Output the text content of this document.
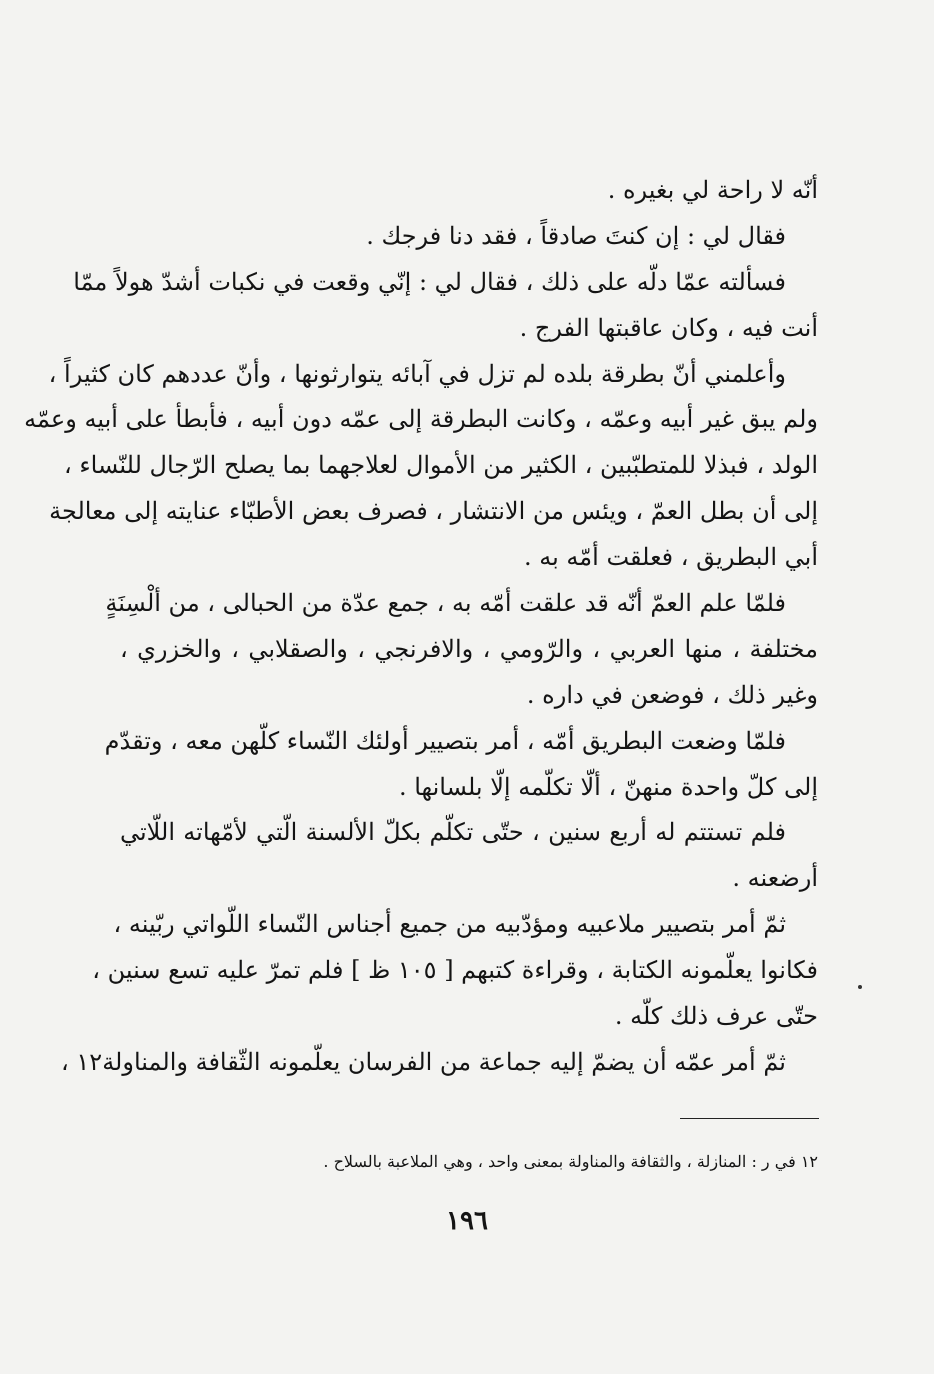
أنّه لا راحة لي بغيره .
فقال لي : إن كنتَ صادقاً ، فقد دنا فرجك .
فسألته عمّا دلّه على ذلك ، فقال لي : إنّي وقعت في نكبات أشدّ هولاً ممّا
أنت فيه ، وكان عاقبتها الفرج .
وأعلمني أنّ بطرقة بلده لم تزل في آبائه يتوارثونها ، وأنّ عددهم كان كثيراً ،
ولم يبق غير أبيه وعمّه ، وكانت البطرقة إلى عمّه دون أبيه ، فأبطأ على أبيه وعمّه
الولد ، فبذلا للمتطبّبين ، الكثير من الأموال لعلاجهما بما يصلح الرّجال للنّساء ،
إلى أن بطل العمّ ، ويئس من الانتشار ، فصرف بعض الأطبّاء عنايته إلى معالجة
أبي البطريق ، فعلقت أمّه به .
فلمّا علم العمّ أنّه قد علقت أمّه به ، جمع عدّة من الحبالى ، من ألْسِنَةٍ
مختلفة ، منها العربي ، والرّومي ، والافرنجي ، والصقلابي ، والخزري ،
وغير ذلك ، فوضعن في داره .
فلمّا وضعت البطريق أمّه ، أمر بتصيير أولئك النّساء كلّهن معه ، وتقدّم
إلى كلّ واحدة منهنّ ، ألّا تكلّمه إلّا بلسانها .
فلم تستتم له أربع سنين ، حتّى تكلّم بكلّ الألسنة الّتي لأمّهاته اللّاتي
أرضعنه .
ثمّ أمر بتصيير ملاعبيه ومؤدّبيه من جميع أجناس النّساء اللّواتي ربّينه ،
فكانوا يعلّمونه الكتابة ، وقراءة كتبهم [ ١٠٥ ظ ] فلم تمرّ عليه تسع سنين ،
حتّى عرف ذلك كلّه .
ثمّ أمر عمّه أن يضمّ إليه جماعة من الفرسان يعلّمونه الثّقافة والمناولة١٢ ،
١٢ في ر : المنازلة ، والثقافة والمناولة بمعنى واحد ، وهي الملاعبة بالسلاح .
١٩٦
